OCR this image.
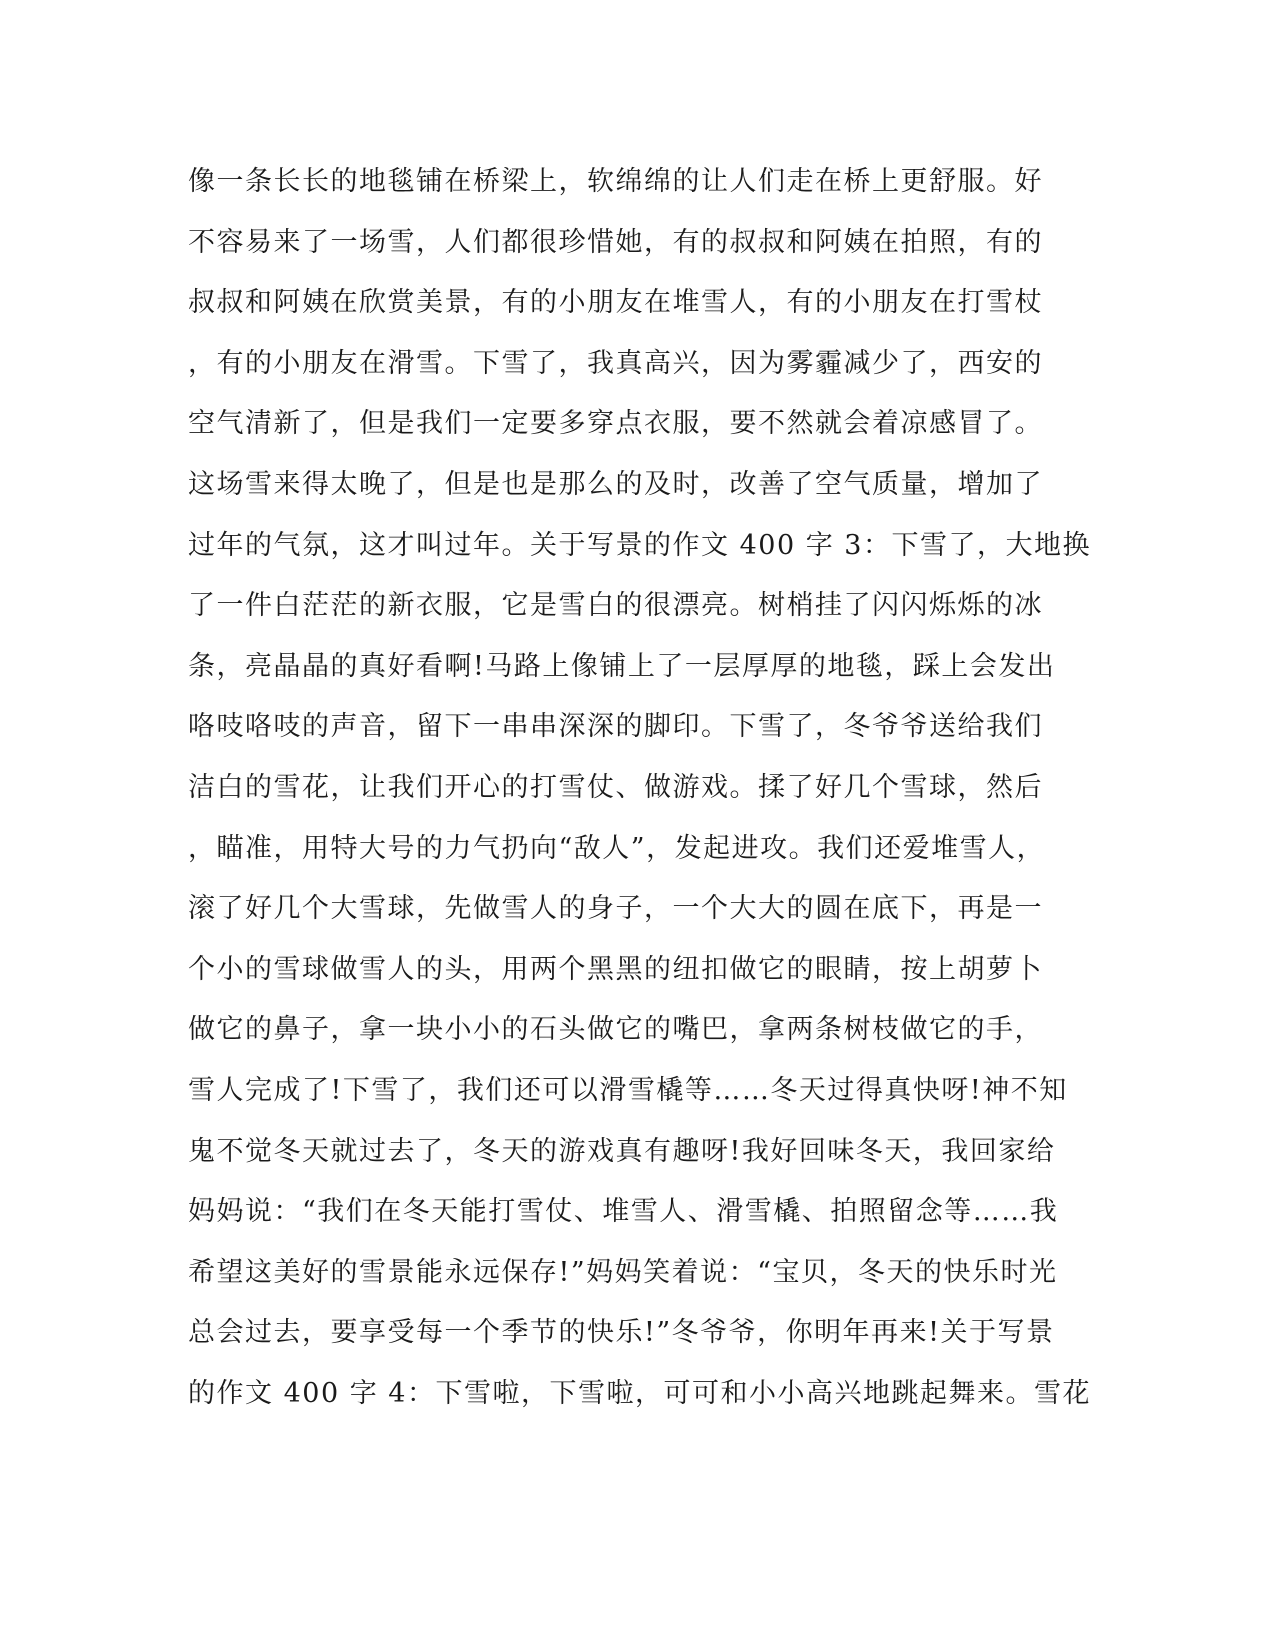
像一条长长的地毯铺在桥梁上，软绵绵的让人们走在桥上更舒服。好
不容易来了一场雪，人们都很珍惜她，有的叔叔和阿姨在拍照，有的
叔叔和阿姨在欣赏美景，有的小朋友在堆雪人，有的小朋友在打雪杖
，有的小朋友在滑雪。下雪了，我真高兴，因为雾霾减少了，西安的
空气清新了，但是我们一定要多穿点衣服，要不然就会着凉感冒了。
这场雪来得太晚了，但是也是那么的及时，改善了空气质量，增加了
过年的气氛，这才叫过年。关于写景的作文 400 字 3：下雪了，大地换
了一件白茫茫的新衣服，它是雪白的很漂亮。树梢挂了闪闪烁烁的冰
条，亮晶晶的真好看啊!马路上像铺上了一层厚厚的地毯，踩上会发出
咯吱咯吱的声音，留下一串串深深的脚印。下雪了，冬爷爷送给我们
洁白的雪花，让我们开心的打雪仗、做游戏。揉了好几个雪球，然后
，瞄准，用特大号的力气扔向“敌人”，发起进攻。我们还爱堆雪人，
滚了好几个大雪球，先做雪人的身子，一个大大的圆在底下，再是一
个小的雪球做雪人的头，用两个黑黑的纽扣做它的眼睛，按上胡萝卜
做它的鼻子，拿一块小小的石头做它的嘴巴，拿两条树枝做它的手，
雪人完成了!下雪了，我们还可以滑雪橇等……冬天过得真快呀!神不知
鬼不觉冬天就过去了，冬天的游戏真有趣呀!我好回味冬天，我回家给
妈妈说：“我们在冬天能打雪仗、堆雪人、滑雪橇、拍照留念等……我
希望这美好的雪景能永远保存!”妈妈笑着说：“宝贝，冬天的快乐时光
总会过去，要享受每一个季节的快乐!”冬爷爷，你明年再来!关于写景
的作文 400 字 4：下雪啦，下雪啦，可可和小小高兴地跳起舞来。雪花
